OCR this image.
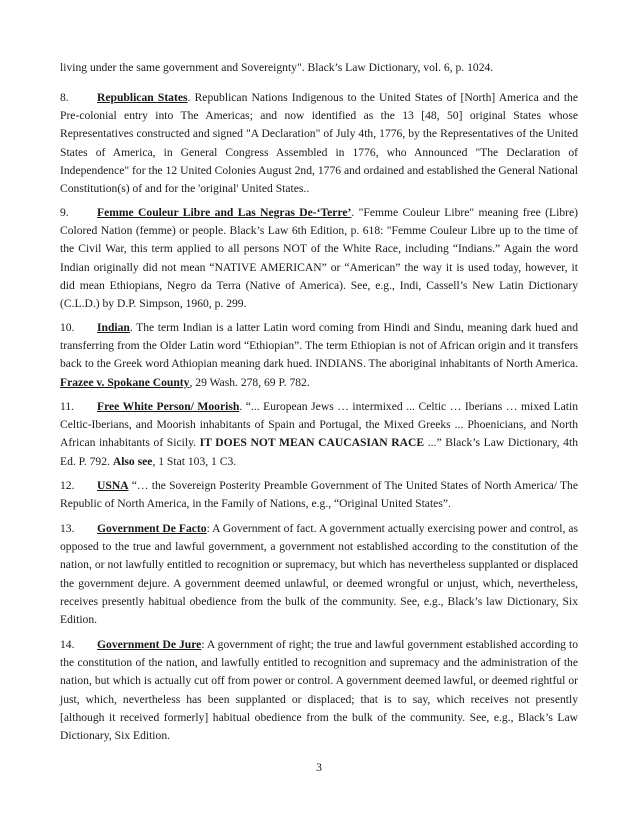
living under the same government and Sovereignty". Black’s Law Dictionary, vol. 6, p. 1024.

8. Republican States. Republican Nations Indigenous to the United States of [North] America and the Pre-colonial entry into The Americas; and now identified as the 13 [48, 50] original States whose Representatives constructed and signed "A Declaration" of July 4th, 1776, by the Representatives of the United States of America, in General Congress Assembled in 1776, who Announced "The Declaration of Independence" for the 12 United Colonies August 2nd, 1776 and ordained and established the General National Constitution(s) of and for the 'original' United States..

9. Femme Couleur Libre and Las Negras De-‘Terre’. "Femme Couleur Libre" meaning free (Libre) Colored Nation (femme) or people. Black’s Law 6th Edition, p. 618: "Femme Couleur Libre up to the time of the Civil War, this term applied to all persons NOT of the White Race, including “Indians.” Again the word Indian originally did not mean “NATIVE AMERICAN” or “American” the way it is used today, however, it did mean Ethiopians, Negro da Terra (Native of America). See, e.g., Indi, Cassell’s New Latin Dictionary (C.L.D.) by D.P. Simpson, 1960, p. 299.

10. Indian. The term Indian is a latter Latin word coming from Hindi and Sindu, meaning dark hued and transferring from the Older Latin word “Ethiopian”. The term Ethiopian is not of African origin and it transfers back to the Greek word Athiopian meaning dark hued. INDIANS. The aboriginal inhabitants of North America. Frazee v. Spokane County, 29 Wash. 278, 69 P. 782.

11. Free White Person/ Moorish. “... European Jews … intermixed ... Celtic … Iberians … mixed Latin Celtic-Iberians, and Moorish inhabitants of Spain and Portugal, the Mixed Greeks ... Phoenicians, and North African inhabitants of Sicily. IT DOES NOT MEAN CAUCASIAN RACE ...” Black’s Law Dictionary, 4th Ed. P. 792. Also see, 1 Stat 103, 1 C3.

12. USNA “… the Sovereign Posterity Preamble Government of The United States of North America/ The Republic of North America, in the Family of Nations, e.g., “Original United States”.

13. Government De Facto: A Government of fact. A government actually exercising power and control, as opposed to the true and lawful government, a government not established according to the constitution of the nation, or not lawfully entitled to recognition or supremacy, but which has nevertheless supplanted or displaced the government dejure. A government deemed unlawful, or deemed wrongful or unjust, which, nevertheless, receives presently habitual obedience from the bulk of the community. See, e.g., Black’s law Dictionary, Six Edition.

14. Government De Jure: A government of right; the true and lawful government established according to the constitution of the nation, and lawfully entitled to recognition and supremacy and the administration of the nation, but which is actually cut off from power or control. A government deemed lawful, or deemed rightful or just, which, nevertheless has been supplanted or displaced; that is to say, which receives not presently [although it received formerly] habitual obedience from the bulk of the community. See, e.g., Black’s Law Dictionary, Six Edition.

3
